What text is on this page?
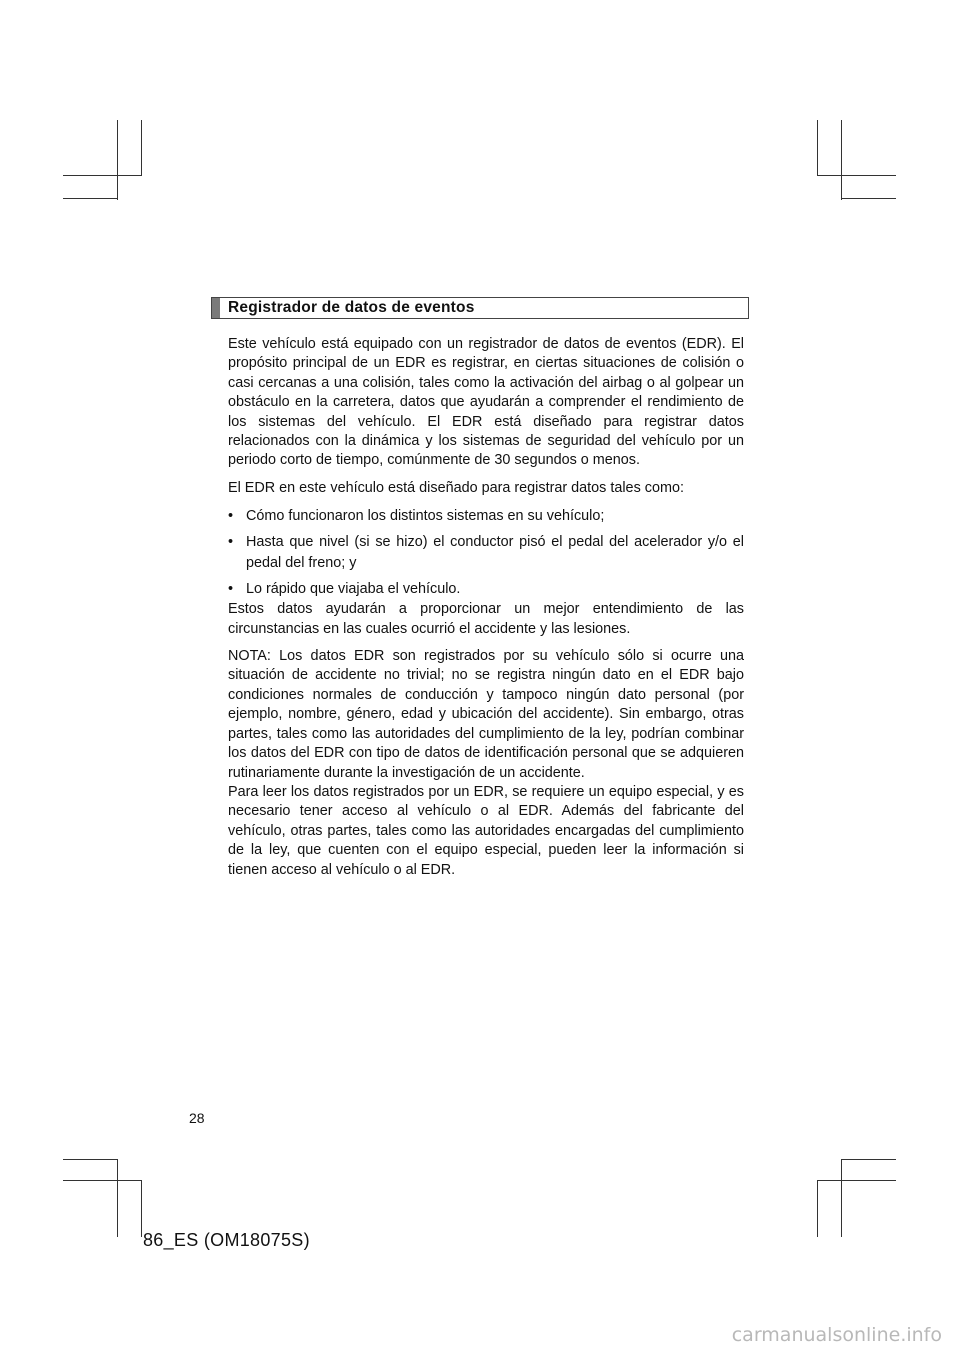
Registrador de datos de eventos

Este vehículo está equipado con un registrador de datos de eventos (EDR). El propósito principal de un EDR es registrar, en ciertas situaciones de colisión o casi cercanas a una colisión, tales como la activación del airbag o al golpear un obstáculo en la carretera, datos que ayudarán a comprender el rendimiento de los sistemas del vehículo. El EDR está diseñado para registrar datos relacionados con la dinámica y los sistemas de seguridad del vehículo por un periodo corto de tiempo, comúnmente de 30 segundos o menos.

El EDR en este vehículo está diseñado para registrar datos tales como:

• Cómo funcionaron los distintos sistemas en su vehículo;
• Hasta que nivel (si se hizo) el conductor pisó el pedal del acelerador y/o el pedal del freno; y
• Lo rápido que viajaba el vehículo.

Estos datos ayudarán a proporcionar un mejor entendimiento de las circunstancias en las cuales ocurrió el accidente y las lesiones.

NOTA: Los datos EDR son registrados por su vehículo sólo si ocurre una situación de accidente no trivial; no se registra ningún dato en el EDR bajo condiciones normales de conducción y tampoco ningún dato personal (por ejemplo, nombre, género, edad y ubicación del accidente). Sin embargo, otras partes, tales como las autoridades del cumplimiento de la ley, podrían combinar los datos del EDR con tipo de datos de identificación personal que se adquieren rutinariamente durante la investigación de un accidente.

Para leer los datos registrados por un EDR, se requiere un equipo especial, y es necesario tener acceso al vehículo o al EDR. Además del fabricante del vehículo, otras partes, tales como las autoridades encargadas del cumplimiento de la ley, que cuenten con el equipo especial, pueden leer la información si tienen acceso al vehículo o al EDR.

28
86_ES (OM18075S)
carmanualsonline.info
